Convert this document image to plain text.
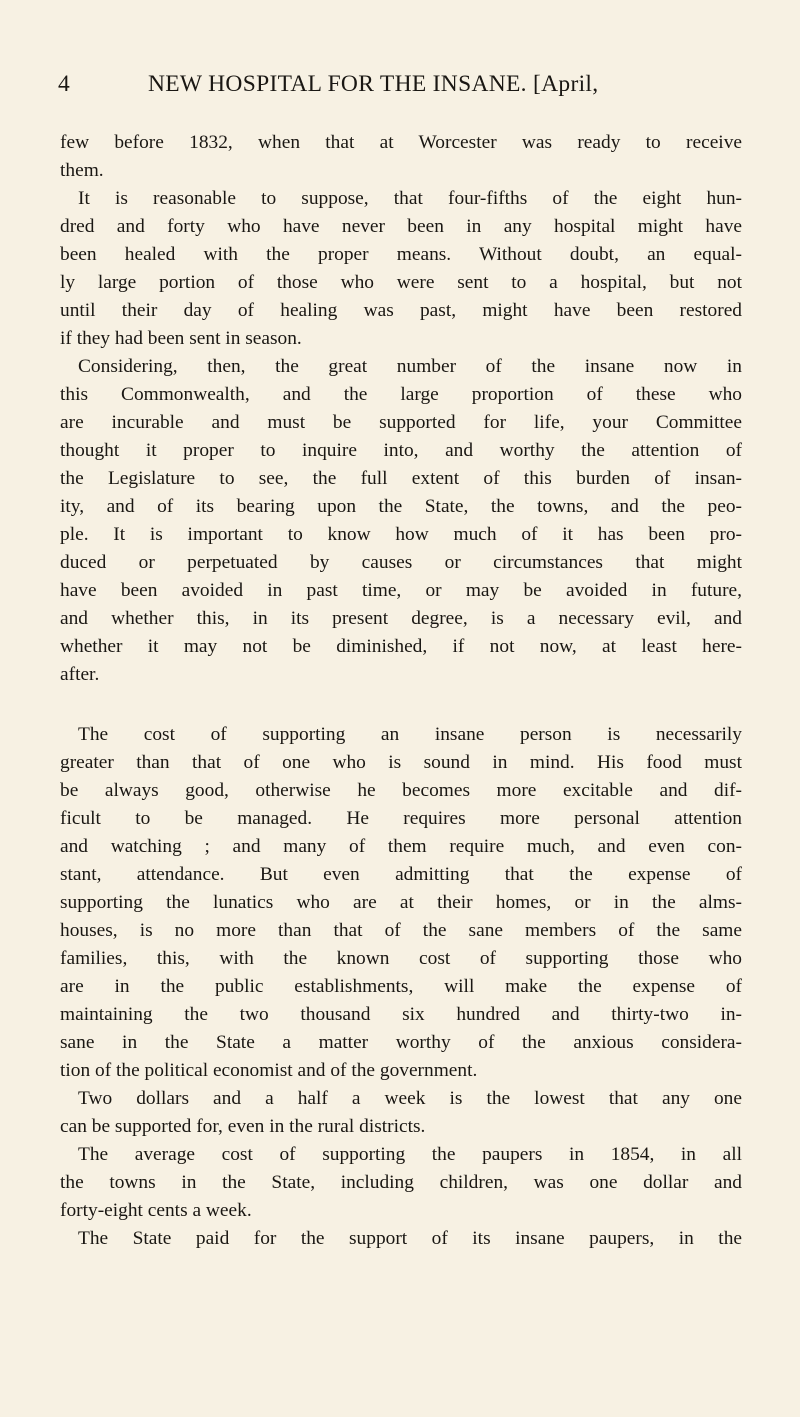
4	NEW HOSPITAL FOR THE INSANE. [April,
few before 1832, when that at Worcester was ready to receive
them.
It is reasonable to suppose, that four-fifths of the eight hun-
dred and forty who have never been in any hospital might have
been healed with the proper means. Without doubt, an equal-
ly large portion of those who were sent to a hospital, but not
until their day of healing was past, might have been restored
if they had been sent in season.
Considering, then, the great number of the insane now in
this Commonwealth, and the large proportion of these who
are incurable and must be supported for life, your Committee
thought it proper to inquire into, and worthy the attention of
the Legislature to see, the full extent of this burden of insan-
ity, and of its bearing upon the State, the towns, and the peo-
ple. It is important to know how much of it has been pro-
duced or perpetuated by causes or circumstances that might
have been avoided in past time, or may be avoided in future,
and whether this, in its present degree, is a necessary evil, and
whether it may not be diminished, if not now, at least here-
after.
The cost of supporting an insane person is necessarily
greater than that of one who is sound in mind. His food must
be always good, otherwise he becomes more excitable and dif-
ficult to be managed. He requires more personal attention
and watching ; and many of them require much, and even con-
stant, attendance. But even admitting that the expense of
supporting the lunatics who are at their homes, or in the alms-
houses, is no more than that of the sane members of the same
families, this, with the known cost of supporting those who
are in the public establishments, will make the expense of
maintaining the two thousand six hundred and thirty-two in-
sane in the State a matter worthy of the anxious considera-
tion of the political economist and of the government.
Two dollars and a half a week is the lowest that any one
can be supported for, even in the rural districts.
The average cost of supporting the paupers in 1854, in all
the towns in the State, including children, was one dollar and
forty-eight cents a week.
The State paid for the support of its insane paupers, in the
